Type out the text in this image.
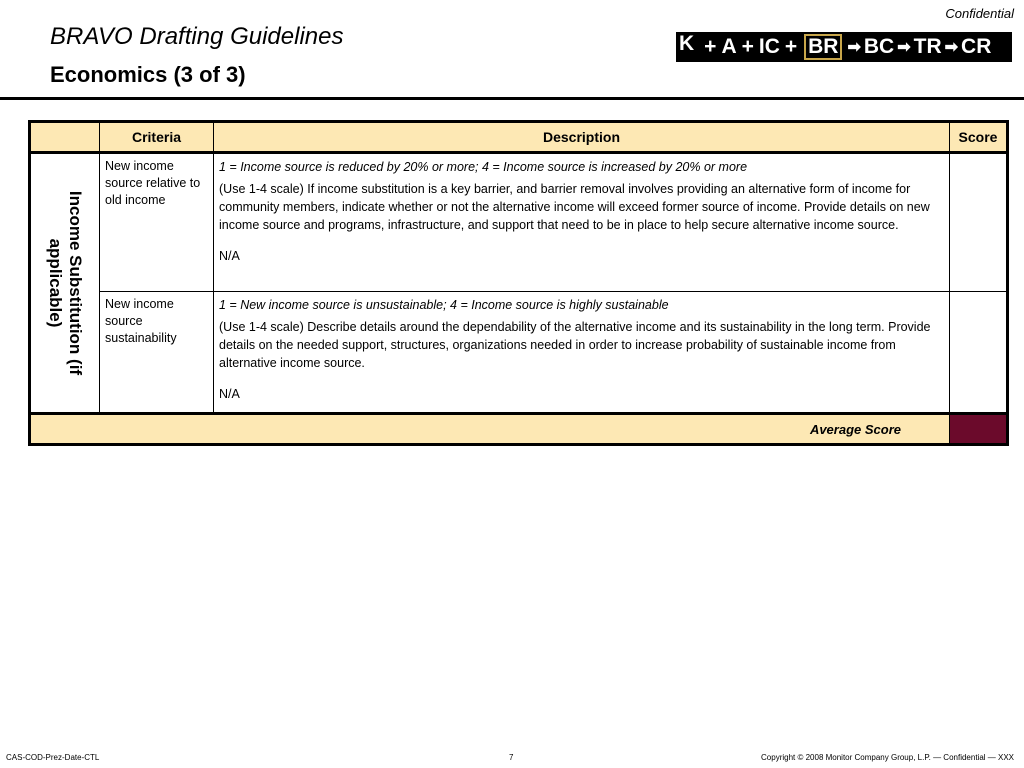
Confidential
BRAVO Drafting Guidelines
Economics (3 of 3)
K + A + IC + BR ➡ BC ➡ TR ➡ CR
	Criteria	Description	Score

Income Substitution (if applicable)	New income source relative to old income	1 = Income source is reduced by 20% or more; 4 = Income source is increased by 20% or more

(Use 1-4 scale) If income substitution is a key barrier, and barrier removal involves providing an alternative form of income for community members, indicate whether or not the alternative income will exceed former source of income. Provide details on new income source and programs, infrastructure, and support that need to be in place to help secure alternative income source.

N/A	

	New income source sustainability	1 = New income source is unsustainable; 4 = Income source is highly sustainable

(Use 1-4 scale) Describe details around the dependability of the alternative income and its sustainability in the long term. Provide details on the needed support, structures, organizations needed in order to increase probability of sustainable income from alternative income source.

N/A	

Average Score			
CAS-COD-Prez-Date-CTL	7	Copyright © 2008 Monitor Company Group, L.P. — Confidential — XXX
